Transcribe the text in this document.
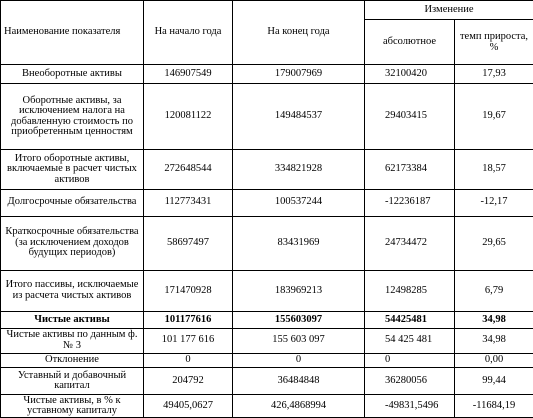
Наименование показателя	На начало года	На конец года	Изменение	
			абсолютное	темп прироста, %
Внеоборотные активы	146907549	179007969	32100420	17,93
Оборотные активы, за исключением налога на добавленную стоимость по приобретенным ценностям	120081122	149484537	29403415	19,67
Итого оборотные активы, включаемые в расчет чистых активов	272648544	334821928	62173384	18,57
Долгосрочные обязательства	112773431	100537244	-12236187	-12,17
Краткосрочные обязательства (за исключением доходов будущих периодов)	58697497	83431969	24734472	29,65
Итого пассивы, исключаемые из расчета чистых активов	171470928	183969213	12498285	6,79
Чистые активы	101177616	155603097	54425481	34,98
Чистые активы по данным ф. № 3	101 177 616	155 603 097	54 425 481	34,98
Отклонение	0	0	0	0,00
Уставный и добавочный капитал	204792	36484848	36280056	99,44
Чистые активы, в % к уставному капиталу	49405,0627	426,4868994	-49831,5496	-11684,19
